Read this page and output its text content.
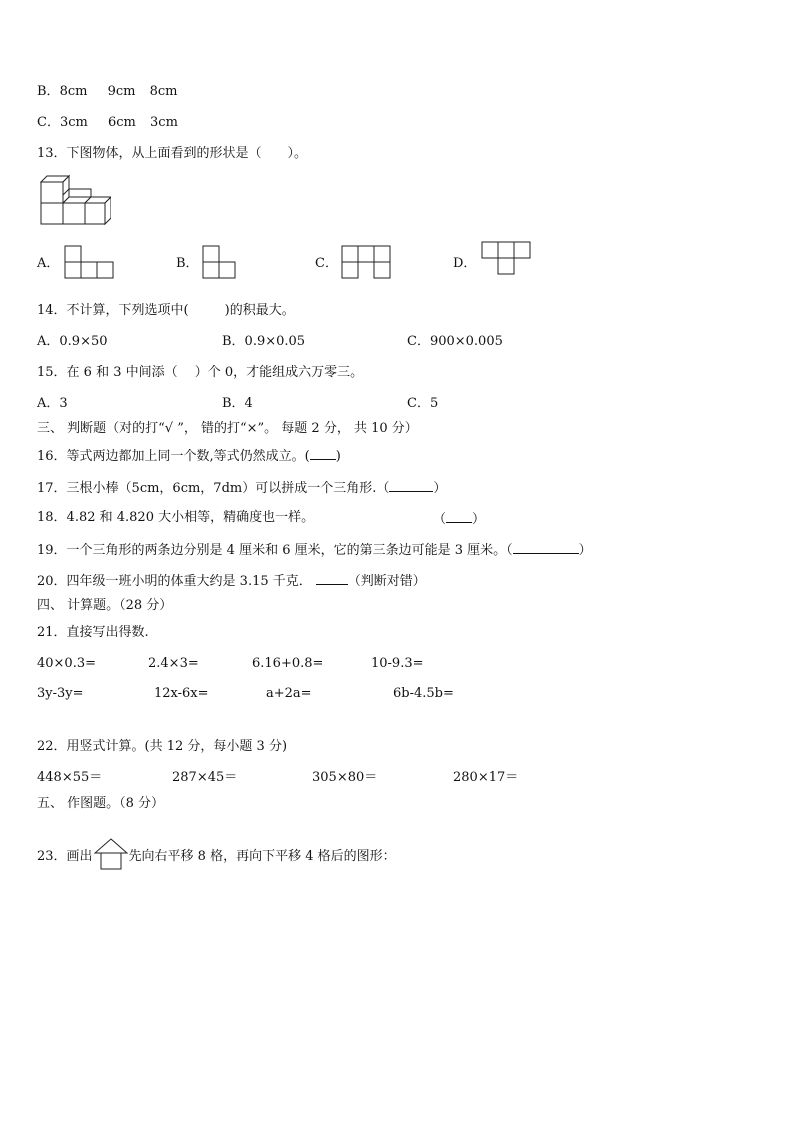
B．8cm 9cm 8cm
C．3cm 6cm 3cm
13．下图物体，从上面看到的形状是（　　）。
A．	B．	C．	D．
14．不计算，下列选项中(	)的积最大。
A．0.9×50	B．0.9×0.05	C．900×0.005
15．在 6 和 3 中间添（　 ）个 0，才能组成六万零三。
A．3	B．4	C．5
三、 判断题（对的打“√ ”， 错的打“×”。 每题 2 分， 共 10 分）
16．等式两边都加上同一个数,等式仍然成立。( )
17．三根小棒（5cm，6cm，7dm）可以拼成一个三角形.（	）
18．4.82 和 4.820 大小相等，精确度也一样。	（ ）
19．一个三角形的两条边分别是 4 厘米和 6 厘米，它的第三条边可能是 3 厘米。（	）
20．四年级一班小明的体重大约是 3.15 千克．	（判断对错）
四、 计算题。（28 分）
21．直接写出得数.
40×0.3=	2.4×3=	6.16+0.8=	10-9.3=
3y-3y=	12x-6x=	a+2a=	6b-4.5b=
22．用竖式计算。(共 12 分，每小题 3 分)
448×55＝	287×45＝	305×80＝	280×17＝
五、 作图题。（8 分）
23．画出	先向右平移 8 格，再向下平移 4 格后的图形：
